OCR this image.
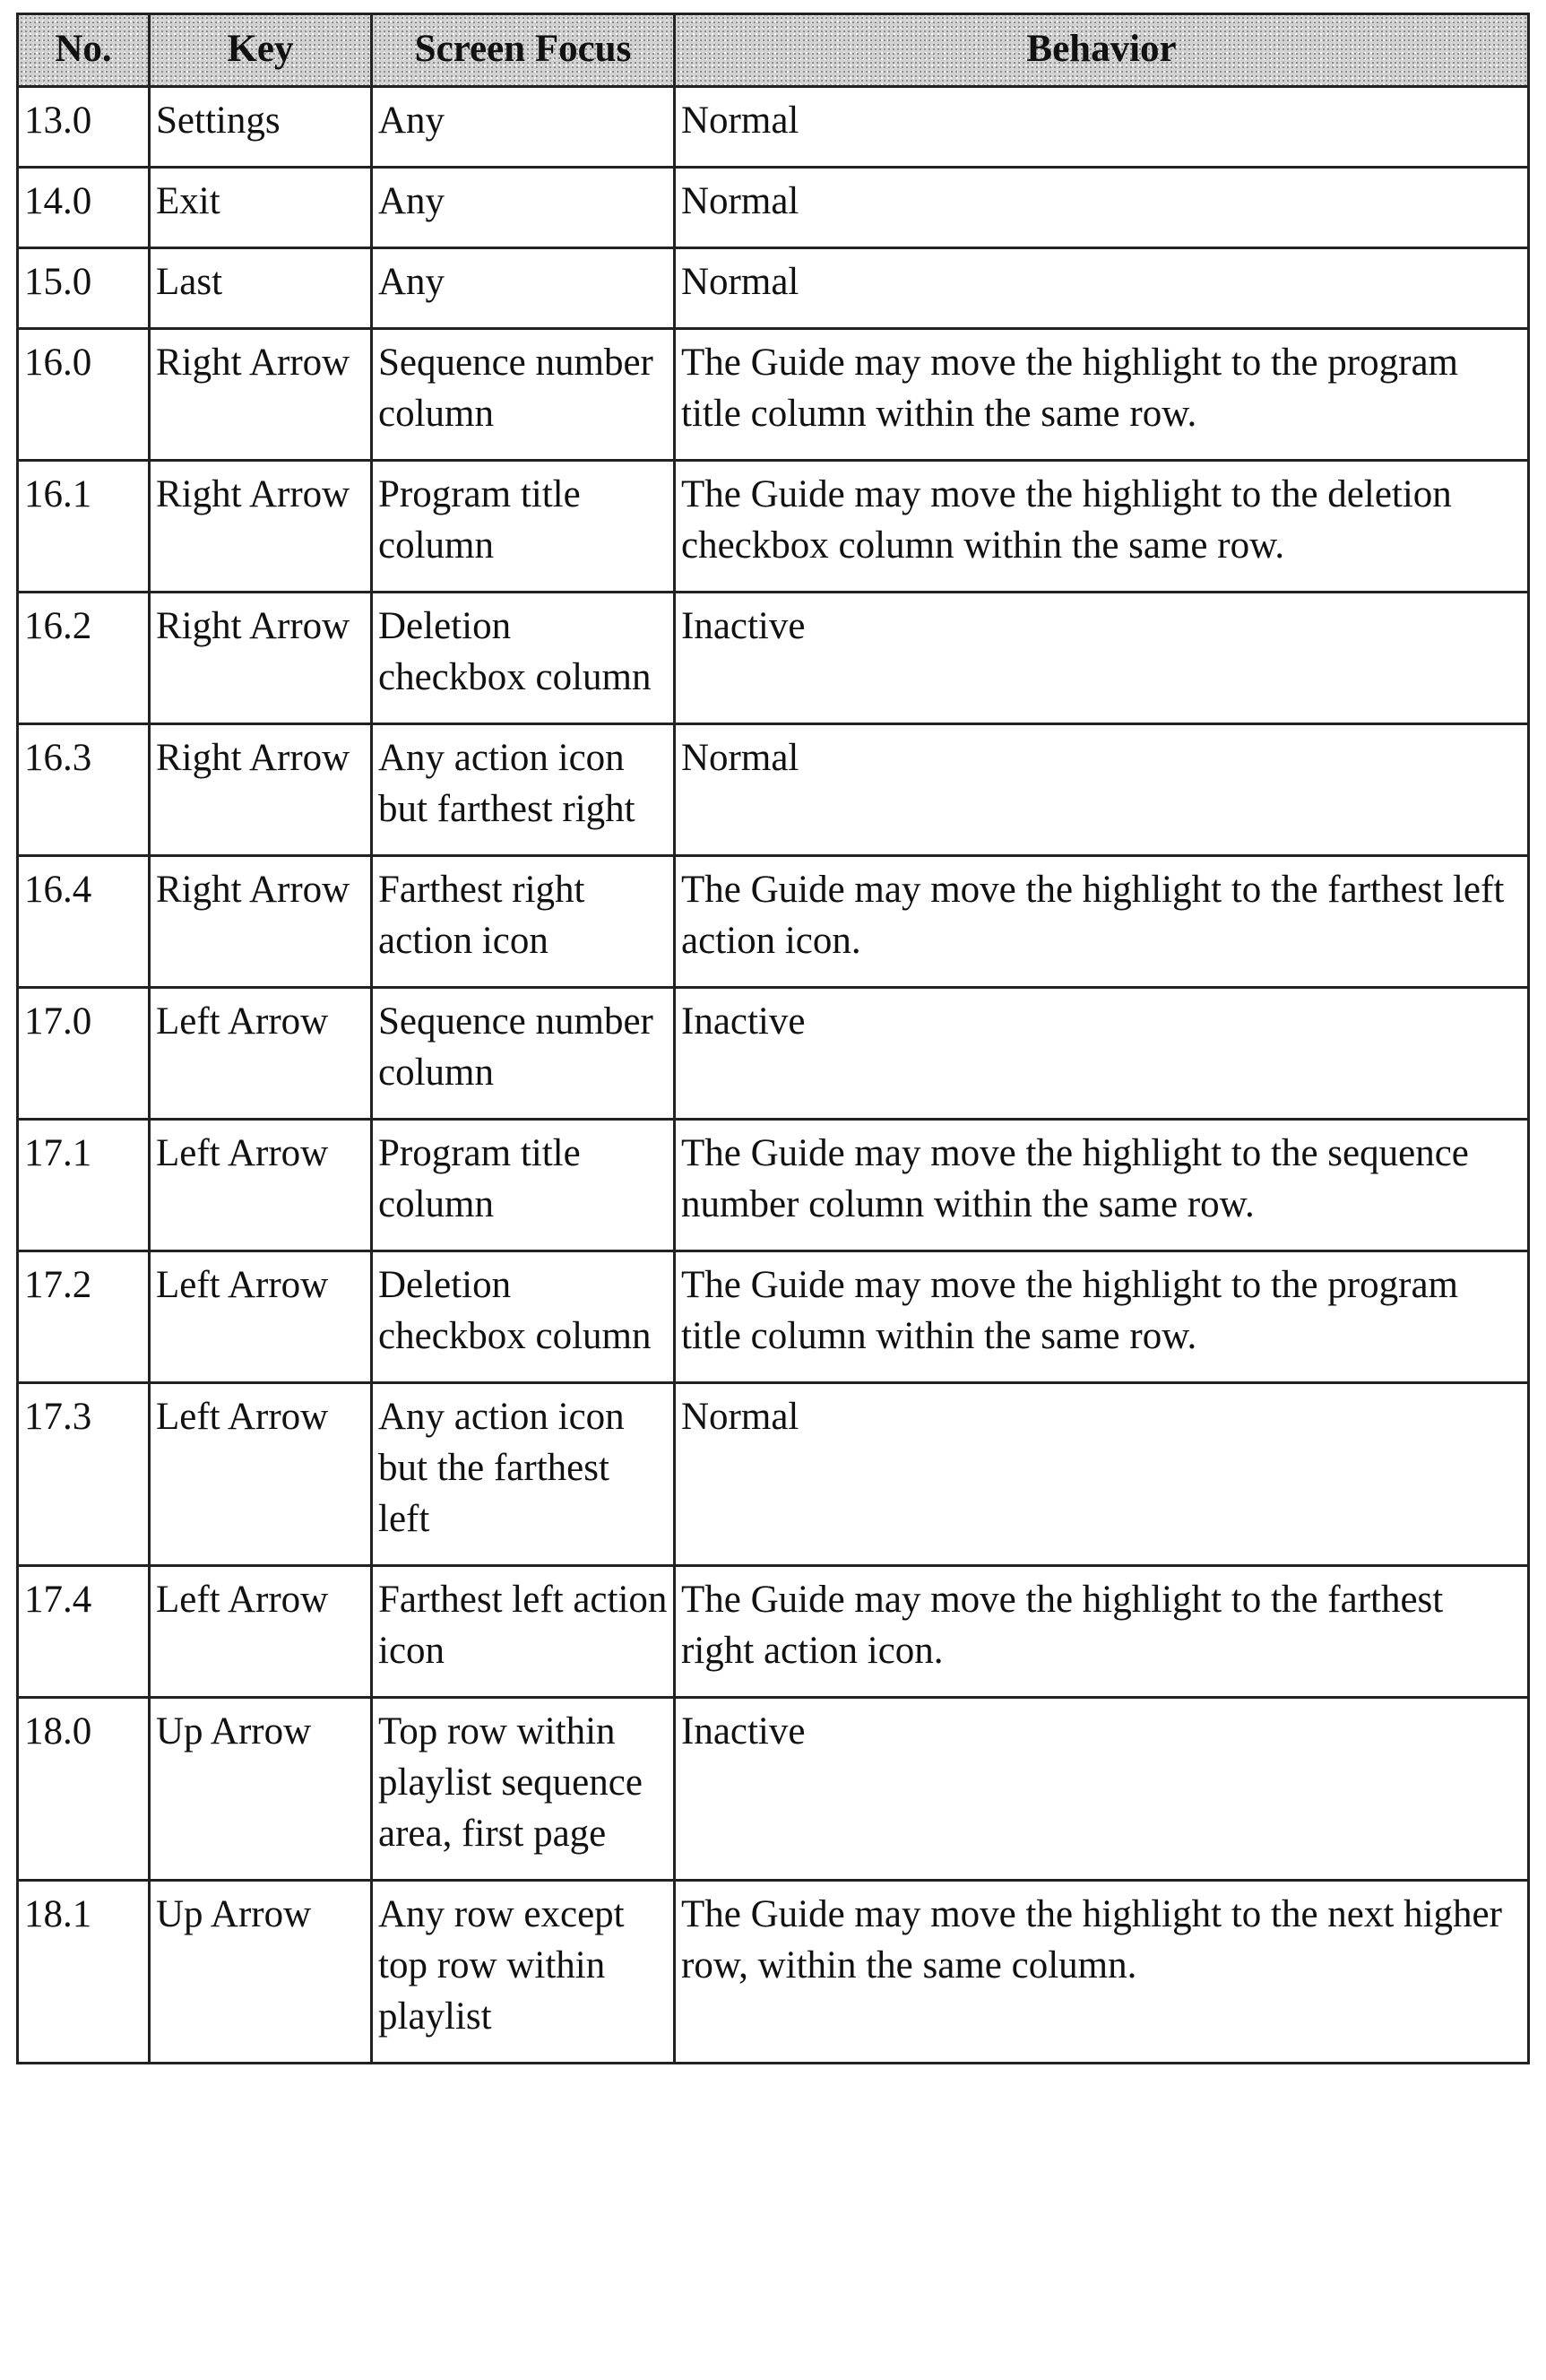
No.	Key	Screen Focus	Behavior
13.0	Settings	Any	Normal
14.0	Exit	Any	Normal
15.0	Last	Any	Normal
16.0	Right Arrow	Sequence number column	The Guide may move the highlight to the program title column within the same row.
16.1	Right Arrow	Program title column	The Guide may move the highlight to the deletion checkbox column within the same row.
16.2	Right Arrow	Deletion checkbox column	Inactive
16.3	Right Arrow	Any action icon but farthest right	Normal
16.4	Right Arrow	Farthest right action icon	The Guide may move the highlight to the farthest left action icon.
17.0	Left Arrow	Sequence number column	Inactive
17.1	Left Arrow	Program title column	The Guide may move the highlight to the sequence number column within the same row.
17.2	Left Arrow	Deletion checkbox column	The Guide may move the highlight to the program title column within the same row.
17.3	Left Arrow	Any action icon but the farthest left	Normal
17.4	Left Arrow	Farthest left action icon	The Guide may move the highlight to the farthest right action icon.
18.0	Up Arrow	Top row within playlist sequence area, first page	Inactive
18.1	Up Arrow	Any row except top row within playlist	The Guide may move the highlight to the next higher row, within the same column.
